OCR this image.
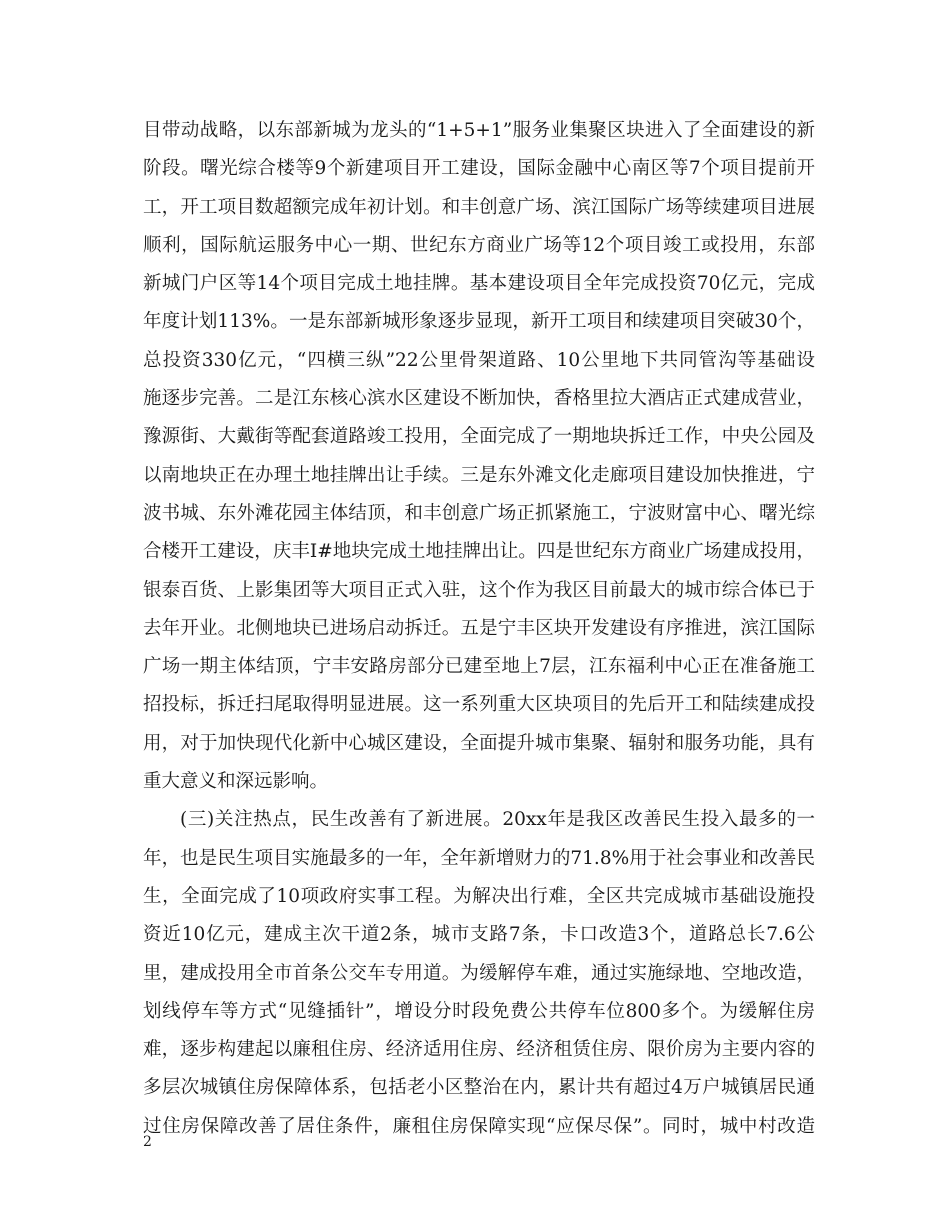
目带动战略，以东部新城为龙头的“1+5+1”服务业集聚区块进入了全面建设的新
阶段。曙光综合楼等9个新建项目开工建设，国际金融中心南区等7个项目提前开
工，开工项目数超额完成年初计划。和丰创意广场、滨江国际广场等续建项目进展
顺利，国际航运服务中心一期、世纪东方商业广场等12个项目竣工或投用，东部
新城门户区等14个项目完成土地挂牌。基本建设项目全年完成投资70亿元，完成
年度计划113%。一是东部新城形象逐步显现，新开工项目和续建项目突破30个，
总投资330亿元，“四横三纵”22公里骨架道路、10公里地下共同管沟等基础设
施逐步完善。二是江东核心滨水区建设不断加快，香格里拉大酒店正式建成营业，
豫源街、大戴街等配套道路竣工投用，全面完成了一期地块拆迁工作，中央公园及
以南地块正在办理土地挂牌出让手续。三是东外滩文化走廊项目建设加快推进，宁
波书城、东外滩花园主体结顶，和丰创意广场正抓紧施工，宁波财富中心、曙光综
合楼开工建设，庆丰I#地块完成土地挂牌出让。四是世纪东方商业广场建成投用，
银泰百货、上影集团等大项目正式入驻，这个作为我区目前最大的城市综合体已于
去年开业。北侧地块已进场启动拆迁。五是宁丰区块开发建设有序推进，滨江国际
广场一期主体结顶，宁丰安路房部分已建至地上7层，江东福利中心正在准备施工
招投标，拆迁扫尾取得明显进展。这一系列重大区块项目的先后开工和陆续建成投
用，对于加快现代化新中心城区建设，全面提升城市集聚、辐射和服务功能，具有
重大意义和深远影响。
(三)关注热点，民生改善有了新进展。20xx年是我区改善民生投入最多的一
年，也是民生项目实施最多的一年，全年新增财力的71.8%用于社会事业和改善民
生，全面完成了10项政府实事工程。为解决出行难，全区共完成城市基础设施投
资近10亿元，建成主次干道2条，城市支路7条，卡口改造3个，道路总长7.6公
里，建成投用全市首条公交车专用道。为缓解停车难，通过实施绿地、空地改造，
划线停车等方式“见缝插针”，增设分时段免费公共停车位800多个。为缓解住房
难，逐步构建起以廉租住房、经济适用住房、经济租赁住房、限价房为主要内容的
多层次城镇住房保障体系，包括老小区整治在内，累计共有超过4万户城镇居民通
过住房保障改善了居住条件，廉租住房保障实现“应保尽保”。同时，城中村改造
2
